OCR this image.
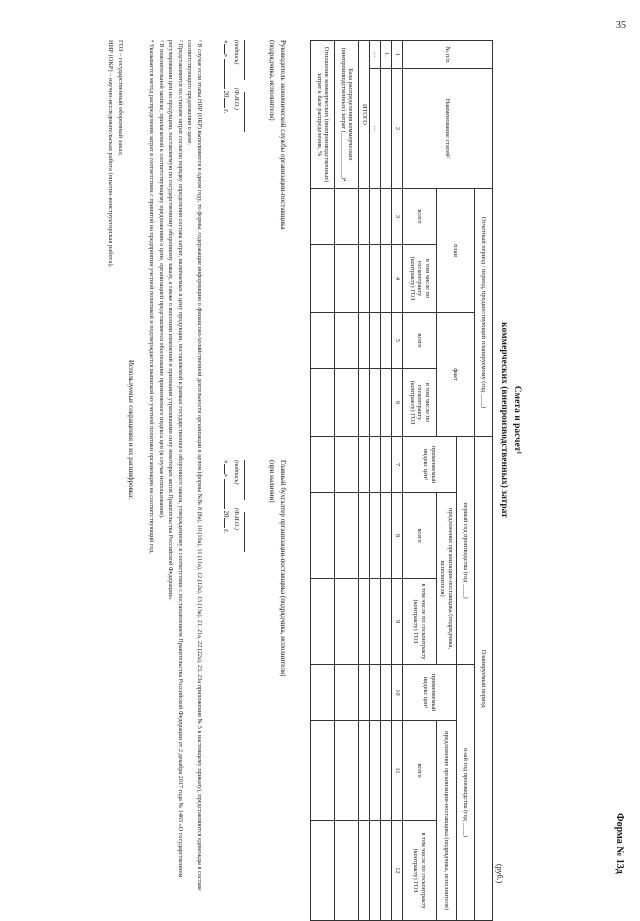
35
Форма № 13д
Смета и расчет¹
коммерческих (внепроизводственных) затрат
(руб.)
№ п/п	Наименование статей²	Отчетный период / период, предшествующий планируемому (год ____)				Планируемый период					
		план		факт		первый год производства (год ____)			n-ый год производства (год ____)		
						применяемый индекс цен³	предложение организации-поставщика (подрядчика, исполнителя)		применяемый индекс цен³	предложение организации-поставщика (подрядчика, исполнителя)	
		всего	в том числе по госконтракту (контракту) ГОЗ	всего	в том числе по госконтракту (контракту) ГОЗ		всего	в том числе по госконтракту (контракту) ГОЗ		всего	в том числе по госконтракту (контракту) ГОЗ
1	2	3	4	5	6	7	8	9	10	11	12
1.											
…	…										
ИТОГО											
База распределения коммерческих (внепроизводственных) затрат (______________)⁴											
Отношение коммерческих (внепроизводственных) затрат к базе распределения, %											
Руководитель экономической службы организации-поставщика
(подрядчика, исполнителя)

(подпись) (Ф.И.О.)
«»  20 г.
Главный бухгалтер организации-поставщика (подрядчика, исполнителя)
(при наличии)

(подпись) (Ф.И.О.)
«»  20 г.
¹ В случае если этапы НИР (ОКР) выполняются в одном году, то формы, содержащие информацию о финансово-хозяйственной деятельности организации в целом (формы №№ 8 (8а), 10 (10а), 11 (11а), 12 (12а), 13 (13а), 21, 21а, 22 (22а), 23, 23а приложения № 5 к настоящему приказу), представляются единожды в составе соответствующего предложения о цене.
² Представляются по статьям затрат согласно порядку определения состава затрат, включаемых в цену продукции, поставляемой в рамках государственного оборонного заказа, утвержденному в соответствии с постановлением Правительства Российской Федерации от 2 декабря 2017 года № 1465 «О государственном регулировании цен на продукцию, поставляемую по государственному оборонному заказу, а также о внесении изменений и признании утратившими силу некоторых актов Правительства Российской Федерации».
³ В пояснительной записке, прилагаемой к соответствующему предложению о цене, организацией представляется обоснование применяемого индекса цен (в случае использования).
⁴ Указывается метод распределения затрат в соответствии с принятой на предприятии учетной политикой и подтверждается выпиской из учетной политики организации на соответствующий год.
Используемые сокращения и их расшифровка:
ГОЗ – государственный оборонный заказ;
НИР (ОКР) – научно-исследовательская работа (опытно-конструкторская работа).
